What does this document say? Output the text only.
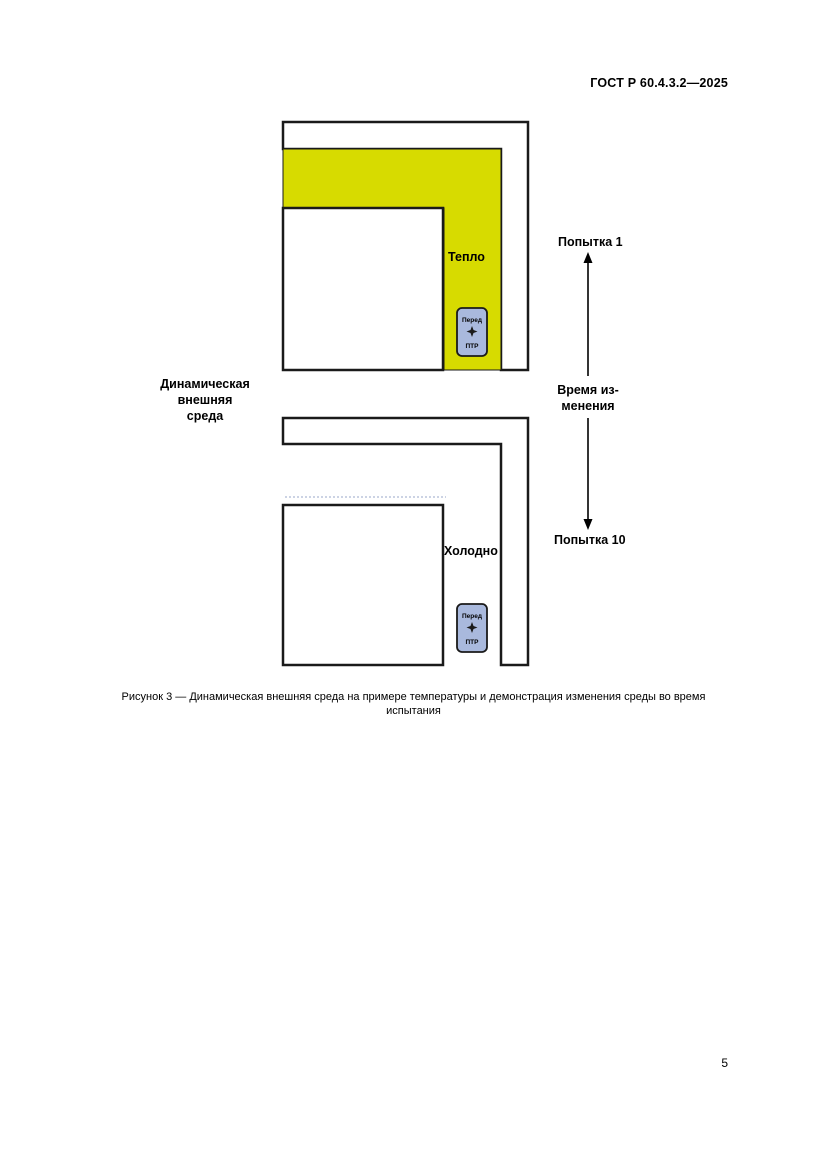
ГОСТ Р 60.4.3.2—2025
Перед
ПТР
Перед
ПТР
Тепло
Холодно
Динамическая
внешняя
среда
Попытка 1
Время из-
менения
Попытка 10
Рисунок 3 — Динамическая внешняя среда на примере температуры и демонстрация изменения среды во время
испытания
5
